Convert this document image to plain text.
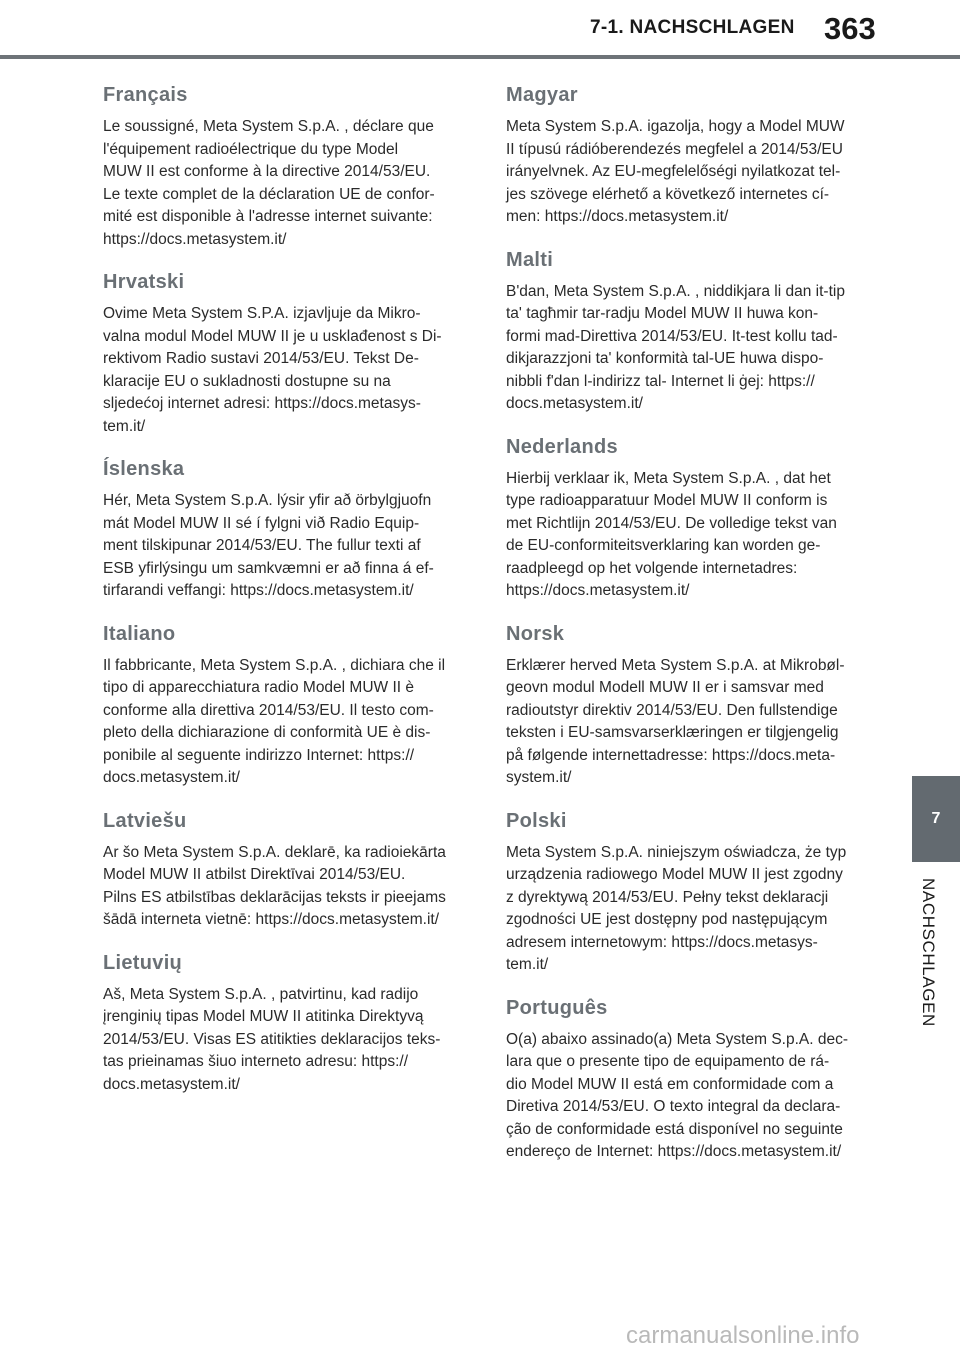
7-1. NACHSCHLAGEN 363
7
NACHSCHLAGEN
Français

Le soussigné, Meta System S.p.A. , déclare que
l'équipement radioélectrique du type Model
MUW II est conforme à la directive 2014/53/EU.
Le texte complet de la déclaration UE de confor-
mité est disponible à l'adresse internet suivante:
https://docs.metasystem.it/

Hrvatski

Ovime Meta System S.P.A. izjavljuje da Mikro-
valna modul Model MUW II je u usklađenost s Di-
rektivom Radio sustavi 2014/53/EU. Tekst De-
klaracije EU o sukladnosti dostupne su na
sljedećoj internet adresi: https://docs.metasys-
tem.it/

Íslenska

Hér, Meta System S.p.A. lýsir yfir að örbylgjuofn
mát Model MUW II sé í fylgni við Radio Equip-
ment tilskipunar 2014/53/EU. The fullur texti af
ESB yfirlýsingu um samkvæmni er að finna á ef-
tirfarandi veffangi: https://docs.metasystem.it/

Italiano

Il fabbricante, Meta System S.p.A. , dichiara che il
tipo di apparecchiatura radio Model MUW II è
conforme alla direttiva 2014/53/EU. Il testo com-
pleto della dichiarazione di conformità UE è dis-
ponibile al seguente indirizzo Internet: https://
docs.metasystem.it/

Latviešu

Ar šo Meta System S.p.A. deklarē, ka radioiekārta
Model MUW II atbilst Direktīvai 2014/53/EU.
Pilns ES atbilstības deklarācijas teksts ir pieejams
šādā interneta vietnē: https://docs.metasystem.it/

Lietuvių

Aš, Meta System S.p.A. , patvirtinu, kad radijo
įrenginių tipas Model MUW II atitinka Direktyvą
2014/53/EU. Visas ES atitikties deklaracijos teks-
tas prieinamas šiuo interneto adresu: https://
docs.metasystem.it/

Magyar

Meta System S.p.A. igazolja, hogy a Model MUW
II típusú rádióberendezés megfelel a 2014/53/EU
irányelvnek. Az EU-megfelelőségi nyilatkozat tel-
jes szövege elérhető a következő internetes cí-
men: https://docs.metasystem.it/

Malti

B'dan, Meta System S.p.A. , niddikjara li dan it-tip
ta' tagħmir tar-radju Model MUW II huwa kon-
formi mad-Direttiva 2014/53/EU. It-test kollu tad-
dikjarazzjoni ta' konformità tal-UE huwa dispo-
nibbli f'dan l-indirizz tal- Internet li ġej: https://
docs.metasystem.it/

Nederlands

Hierbij verklaar ik, Meta System S.p.A. , dat het
type radioapparatuur Model MUW II conform is
met Richtlijn 2014/53/EU. De volledige tekst van
de EU-conformiteitsverklaring kan worden ge-
raadpleegd op het volgende internetadres:
https://docs.metasystem.it/

Norsk

Erklærer herved Meta System S.p.A. at Mikrobøl-
geovn modul Modell MUW II er i samsvar med
radioutstyr direktiv 2014/53/EU. Den fullstendige
teksten i EU-samsvarserklæringen er tilgjengelig
på følgende internettadresse: https://docs.meta-
system.it/

Polski

Meta System S.p.A. niniejszym oświadcza, że typ
urządzenia radiowego Model MUW II jest zgodny
z dyrektywą 2014/53/EU. Pełny tekst deklaracji
zgodności UE jest dostępny pod następującym
adresem internetowym: https://docs.metasys-
tem.it/

Português

O(a) abaixo assinado(a) Meta System S.p.A. dec-
lara que o presente tipo de equipamento de rá-
dio Model MUW II está em conformidade com a
Diretiva 2014/53/EU. O texto integral da declara-
ção de conformidade está disponível no seguinte
endereço de Internet: https://docs.metasystem.it/

carmanualsonline.info
